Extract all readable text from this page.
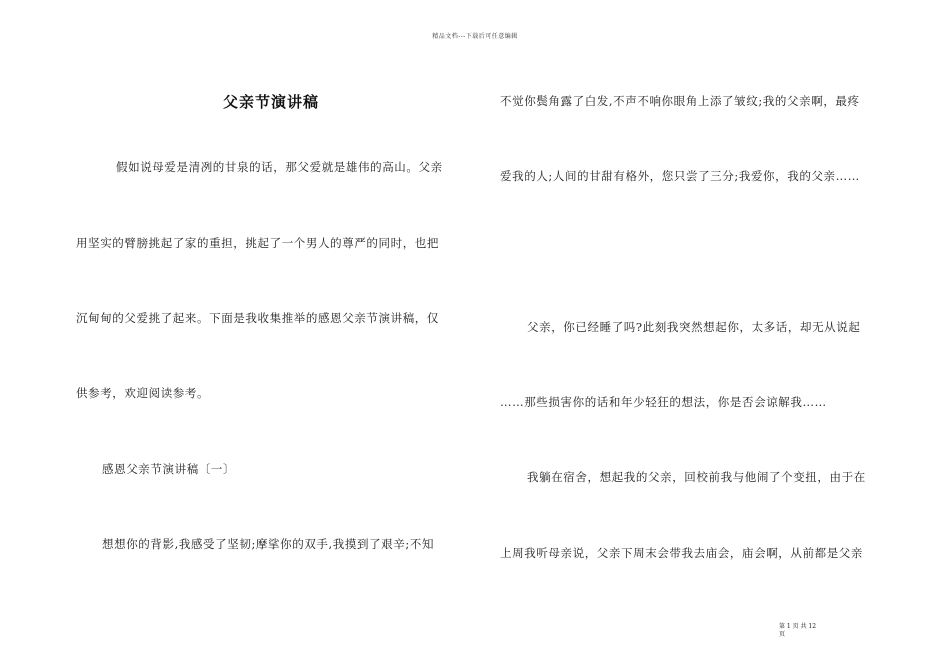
精品文档---下载后可任意编辑
父亲节演讲稿
假如说母爱是清冽的甘泉的话，那父爱就是雄伟的高山。父亲
用坚实的臂膀挑起了家的重担，挑起了一个男人的尊严的同时，也把
沉甸甸的父爱挑了起来。下面是我收集推举的感恩父亲节演讲稿，仅
供参考，欢迎阅读参考。
感恩父亲节演讲稿〔一〕
想想你的背影,我感受了坚韧;摩挲你的双手,我摸到了艰辛;不知
不觉你鬓角露了白发,不声不响你眼角上添了皱纹;我的父亲啊，最疼
爱我的人;人间的甘甜有格外，您只尝了三分;我爱你，我的父亲……
父亲，你已经睡了吗?此刻我突然想起你，太多话，却无从说起
……那些损害你的话和年少轻狂的想法，你是否会谅解我……
我躺在宿舍，想起我的父亲，回校前我与他闹了个变扭，由于在
上周我听母亲说，父亲下周末会带我去庙会，庙会啊，从前都是父亲
第 1 页 共 12
页
